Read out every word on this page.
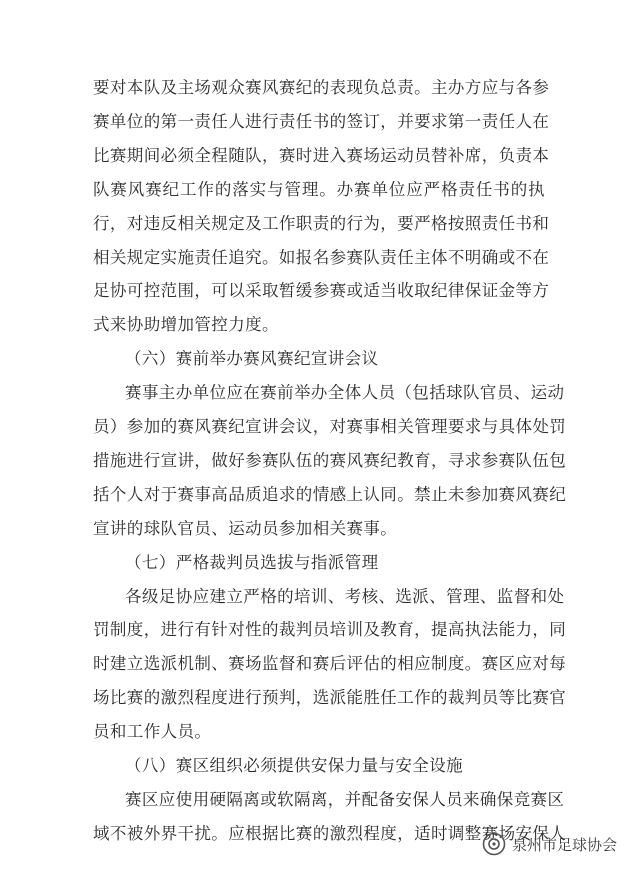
要对本队及主场观众赛风赛纪的表现负总责。主办方应与各参
赛单位的第一责任人进行责任书的签订，并要求第一责任人在
比赛期间必须全程随队，赛时进入赛场运动员替补席，负责本
队赛风赛纪工作的落实与管理。办赛单位应严格责任书的执
行，对违反相关规定及工作职责的行为，要严格按照责任书和
相关规定实施责任追究。如报名参赛队责任主体不明确或不在
足协可控范围，可以采取暂缓参赛或适当收取纪律保证金等方
式来协助增加管控力度。
（六）赛前举办赛风赛纪宣讲会议
赛事主办单位应在赛前举办全体人员（包括球队官员、运动
员）参加的赛风赛纪宣讲会议，对赛事相关管理要求与具体处罚
措施进行宣讲，做好参赛队伍的赛风赛纪教育，寻求参赛队伍包
括个人对于赛事高品质追求的情感上认同。禁止未参加赛风赛纪
宣讲的球队官员、运动员参加相关赛事。
（七）严格裁判员选拔与指派管理
各级足协应建立严格的培训、考核、选派、管理、监督和处
罚制度，进行有针对性的裁判员培训及教育，提高执法能力，同
时建立选派机制、赛场监督和赛后评估的相应制度。赛区应对每
场比赛的激烈程度进行预判，选派能胜任工作的裁判员等比赛官
员和工作人员。
（八）赛区组织必须提供安保力量与安全设施
赛区应使用硬隔离或软隔离，并配备安保人员来确保竞赛区
域不被外界干扰。应根据比赛的激烈程度，适时调整赛场安保人
泉州市足球协会
